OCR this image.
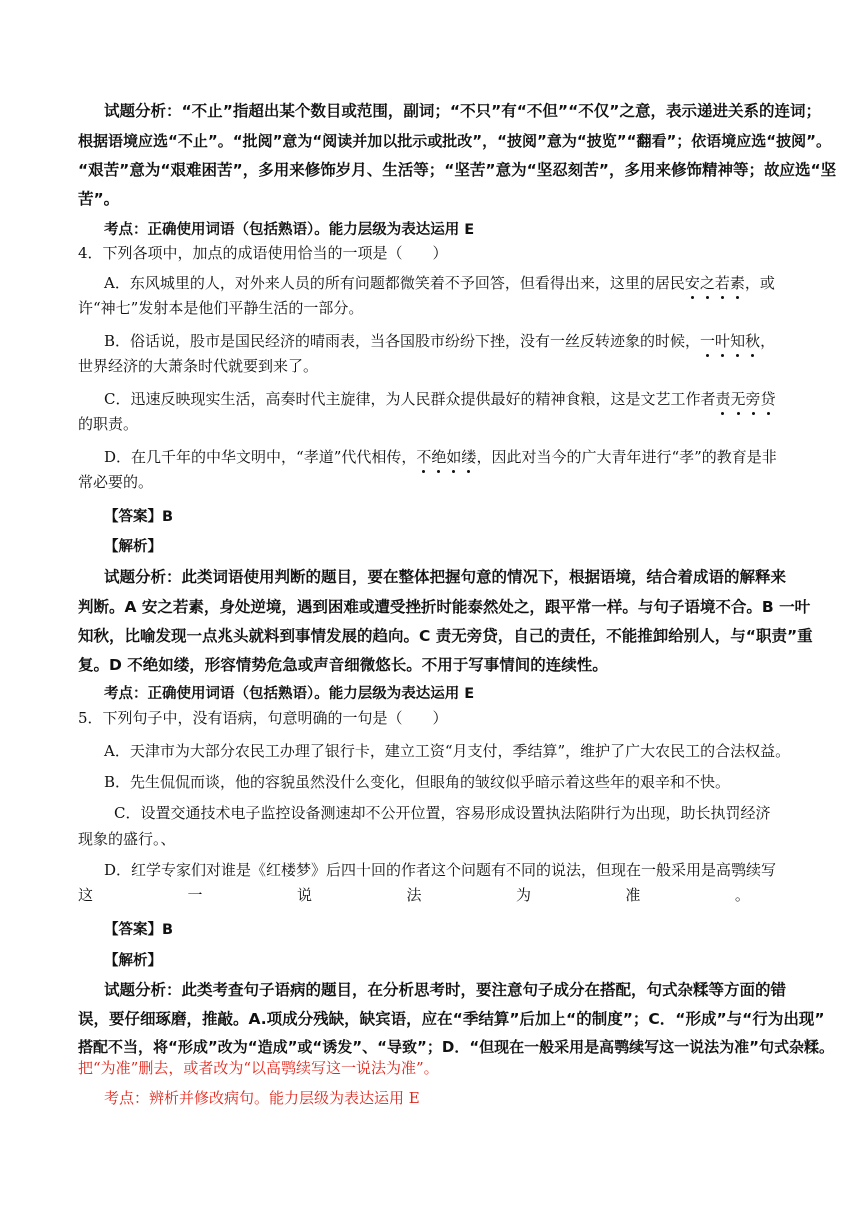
试题分析：“不止”指超出某个数目或范围，副词；“不只”有“不但”“不仅”之意，表示递进关系的连词；
根据语境应选“不止”。“批阅”意为“阅读并加以批示或批改”，“披阅”意为“披览”“翻看”；依语境应选“披阅”。
“艰苦”意为“艰难困苦”，多用来修饰岁月、生活等；“坚苦”意为“坚忍刻苦”，多用来修饰精神等；故应选“坚
苦”。
考点：正确使用词语（包括熟语）。能力层级为表达运用 E
4．下列各项中，加点的成语使用恰当的一项是（　　）
A．东风城里的人，对外来人员的所有问题都微笑着不予回答，但看得出来，这里的居民安之若素，或
许“神七”发射本是他们平静生活的一部分。
B．俗话说，股市是国民经济的晴雨表，当各国股市纷纷下挫，没有一丝反转迹象的时候，一叶知秋，
世界经济的大萧条时代就要到来了。
C．迅速反映现实生活，高奏时代主旋律，为人民群众提供最好的精神食粮，这是文艺工作者责无旁贷
的职责。
D．在几千年的中华文明中，“孝道”代代相传，不绝如缕，因此对当今的广大青年进行“孝”的教育是非
常必要的。
【答案】B
【解析】
试题分析：此类词语使用判断的题目，要在整体把握句意的情况下，根据语境，结合着成语的解释来
判断。A 安之若素，身处逆境，遇到困难或遭受挫折时能泰然处之，跟平常一样。与句子语境不合。B 一叶
知秋，比喻发现一点兆头就料到事情发展的趋向。C 责无旁贷，自己的责任，不能推卸给别人，与“职责”重
复。D 不绝如缕，形容情势危急或声音细微悠长。不用于写事情间的连续性。
考点：正确使用词语（包括熟语）。能力层级为表达运用 E
5．下列句子中，没有语病，句意明确的一句是（　　）
A．天津市为大部分农民工办理了银行卡，建立工资“月支付，季结算”，维护了广大农民工的合法权益。
B．先生侃侃而谈，他的容貌虽然没什么变化，但眼角的皱纹似乎暗示着这些年的艰辛和不快。
C．设置交通技术电子监控设备测速却不公开位置，容易形成设置执法陷阱行为出现，助长执罚经济
现象的盛行。、
D．红学专家们对谁是《红楼梦》后四十回的作者这个问题有不同的说法，但现在一般采用是高鹗续写
这	一	说	法	为	准	。
【答案】B
【解析】
试题分析：此类考查句子语病的题目，在分析思考时，要注意句子成分在搭配，句式杂糅等方面的错
误，要仔细琢磨，推敲。A.项成分残缺，缺宾语，应在“季结算”后加上“的制度”；C．“形成”与“行为出现”
搭配不当，将“形成”改为“造成”或“诱发”、“导致”；D．“但现在一般采用是高鹗续写这一说法为准”句式杂糅。
把“为准”删去，或者改为“以高鹗续写这一说法为准”。
考点：辨析并修改病句。能力层级为表达运用 E
